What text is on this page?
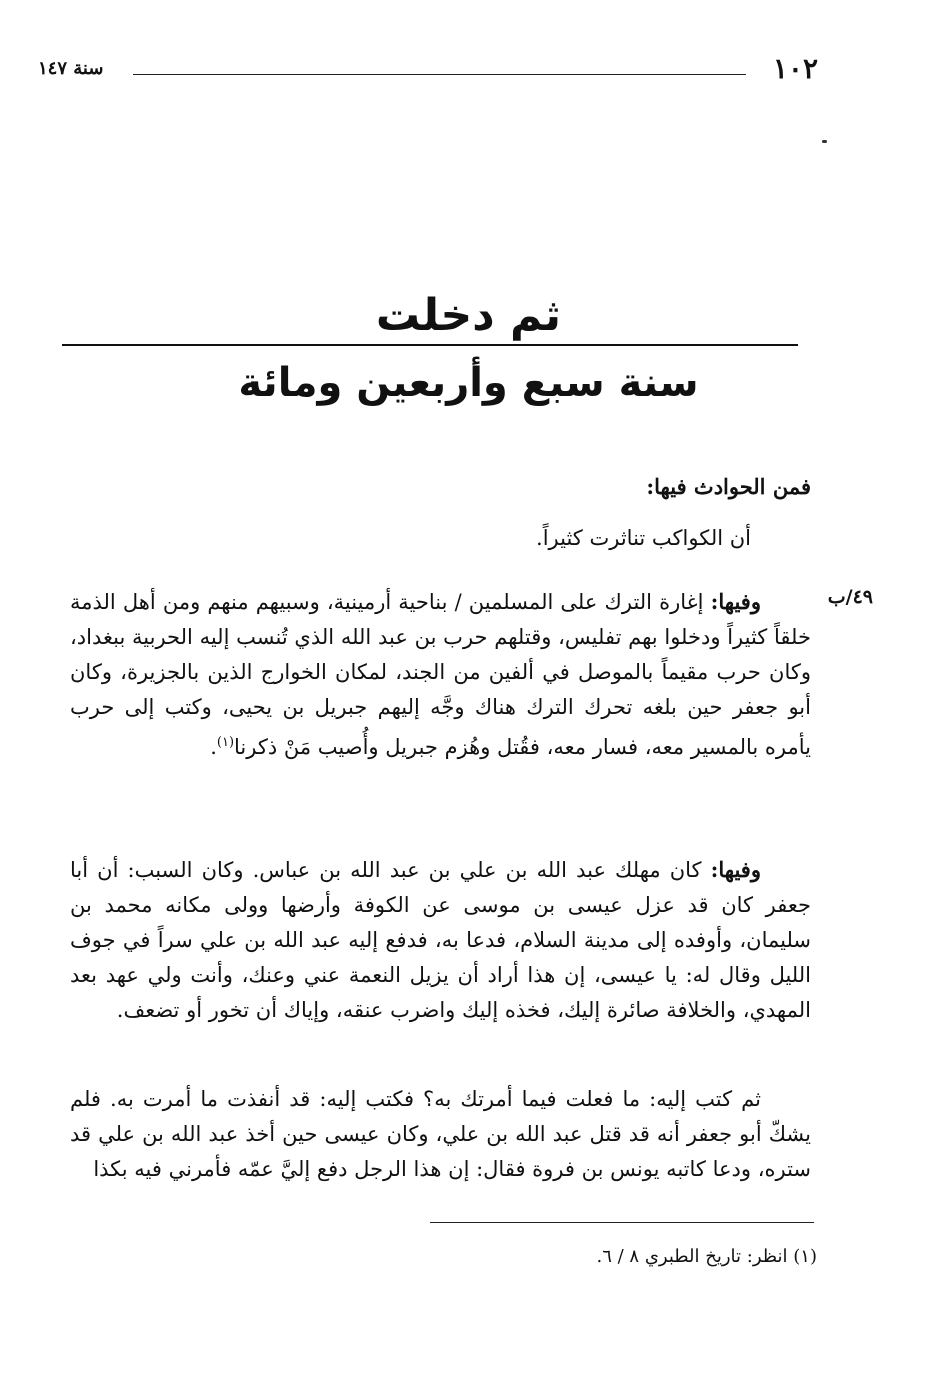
١٠٢
سنة ١٤٧
ثم دخلت
سنة سبع وأربعين ومائة
فمن الحوادث فيها:
أن الكواكب تناثرت كثيراً.
٤٩/ب
وفيها: إغارة الترك على المسلمين / بناحية أرمينية، وسبيهم منهم ومن أهل الذمة خلقاً كثيراً ودخلوا بهم تفليس، وقتلهم حرب بن عبد الله الذي تُنسب إليه الحربية ببغداد، وكان حرب مقيماً بالموصل في ألفين من الجند، لمكان الخوارج الذين بالجزيرة، وكان أبو جعفر حين بلغه تحرك الترك هناك وجَّه إليهم جبريل بن يحيى، وكتب إلى حرب يأمره بالمسير معه، فسار معه، فقُتل وهُزم جبريل وأُصيب مَنْ ذكرنا$^{(١)}$.
وفيها: كان مهلك عبد الله بن علي بن عبد الله بن عباس. وكان السبب: أن أبا جعفر كان قد عزل عيسى بن موسى عن الكوفة وأرضها وولى مكانه محمد بن سليمان، وأوفده إلى مدينة السلام، فدعا به، فدفع إليه عبد الله بن علي سراً في جوف الليل وقال له: يا عيسى، إن هذا أراد أن يزيل النعمة عني وعنك، وأنت ولي عهد بعد المهدي، والخلافة صائرة إليك، فخذه إليك واضرب عنقه، وإياك أن تخور أو تضعف.
ثم كتب إليه: ما فعلت فيما أمرتك به؟ فكتب إليه: قد أنفذت ما أمرت به. فلم يشكّ أبو جعفر أنه قد قتل عبد الله بن علي، وكان عيسى حين أخذ عبد الله بن علي قد ستره، ودعا كاتبه يونس بن فروة فقال: إن هذا الرجل دفع إليَّ عمّه فأمرني فيه بكذا
(١) انظر: تاريخ الطبري ٨ / ٦.
